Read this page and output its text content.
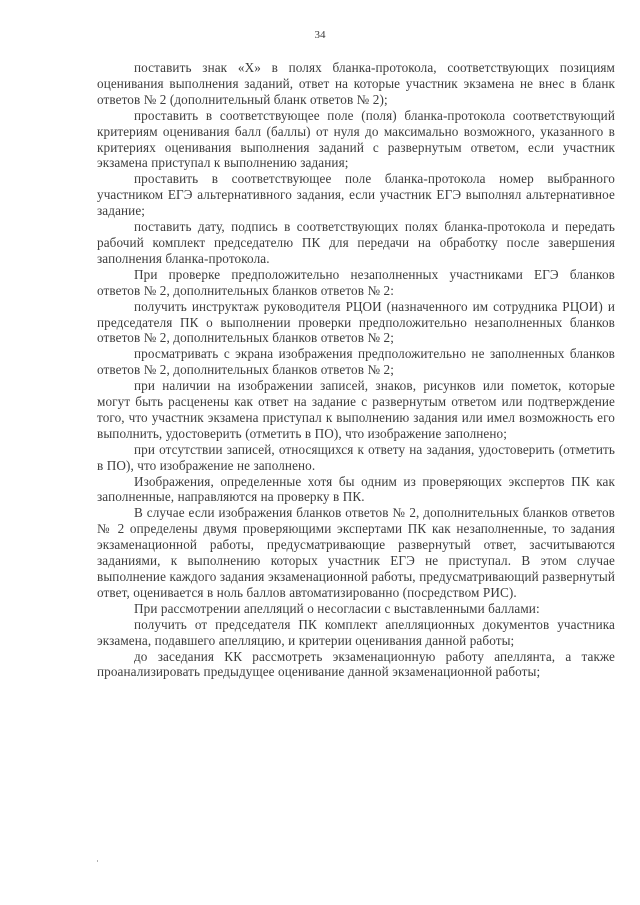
34

поставить знак «Х» в полях бланка-протокола, соответствующих позициям оценивания выполнения заданий, ответ на которые участник экзамена не внес в бланк ответов № 2 (дополнительный бланк ответов № 2);

проставить в соответствующее поле (поля) бланка-протокола соответствующий критериям оценивания балл (баллы) от нуля до максимально возможного, указанного в критериях оценивания выполнения заданий с развернутым ответом, если участник экзамена приступал к выполнению задания;

проставить в соответствующее поле бланка-протокола номер выбранного участником ЕГЭ альтернативного задания, если участник ЕГЭ выполнял альтернативное задание;

поставить дату, подпись в соответствующих полях бланка-протокола и передать рабочий комплект председателю ПК для передачи на обработку после завершения заполнения бланка-протокола.

При проверке предположительно незаполненных участниками ЕГЭ бланков ответов № 2, дополнительных бланков ответов № 2:

получить инструктаж руководителя РЦОИ (назначенного им сотрудника РЦОИ) и председателя ПК о выполнении проверки предположительно незаполненных бланков ответов № 2, дополнительных бланков ответов № 2;

просматривать с экрана изображения предположительно не заполненных бланков ответов № 2, дополнительных бланков ответов № 2;

при наличии на изображении записей, знаков, рисунков или пометок, которые могут быть расценены как ответ на задание с развернутым ответом или подтверждение того, что участник экзамена приступал к выполнению задания или имел возможность его выполнить, удостоверить (отметить в ПО), что изображение заполнено;

при отсутствии записей, относящихся к ответу на задания, удостоверить (отметить в ПО), что изображение не заполнено.

Изображения, определенные хотя бы одним из проверяющих экспертов ПК как заполненные, направляются на проверку в ПК.

В случае если изображения бланков ответов № 2, дополнительных бланков ответов № 2 определены двумя проверяющими экспертами ПК как незаполненные, то задания экзаменационной работы, предусматривающие развернутый ответ, засчитываются заданиями, к выполнению которых участник ЕГЭ не приступал. В этом случае выполнение каждого задания экзаменационной работы, предусматривающий развернутый ответ, оценивается в ноль баллов автоматизированно (посредством РИС).

При рассмотрении апелляций о несогласии с выставленными баллами:

получить от председателя ПК комплект апелляционных документов участника экзамена, подавшего апелляцию, и критерии оценивания данной работы;

до заседания КК рассмотреть экзаменационную работу апеллянта, а также проанализировать предыдущее оценивание данной экзаменационной работы;
